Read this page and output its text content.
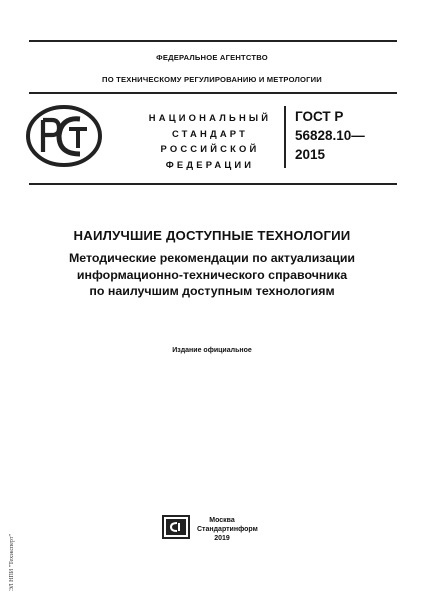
ФЕДЕРАЛЬНОЕ АГЕНТСТВО
ПО ТЕХНИЧЕСКОМУ РЕГУЛИРОВАНИЮ И МЕТРОЛОГИИ
НАЦИОНАЛЬНЫЙ
СТАНДАРТ
РОССИЙСКОЙ
ФЕДЕРАЦИИ
ГОСТ Р
56828.10—
2015
НАИЛУЧШИЕ ДОСТУПНЫЕ ТЕХНОЛОГИИ
Методические рекомендации по актуализации
информационно-технического справочника
по наилучшим доступным технологиям
Издание официальное
Москва
Стандартинформ
2019
ЭЛ НПИ "Техэксперт"
